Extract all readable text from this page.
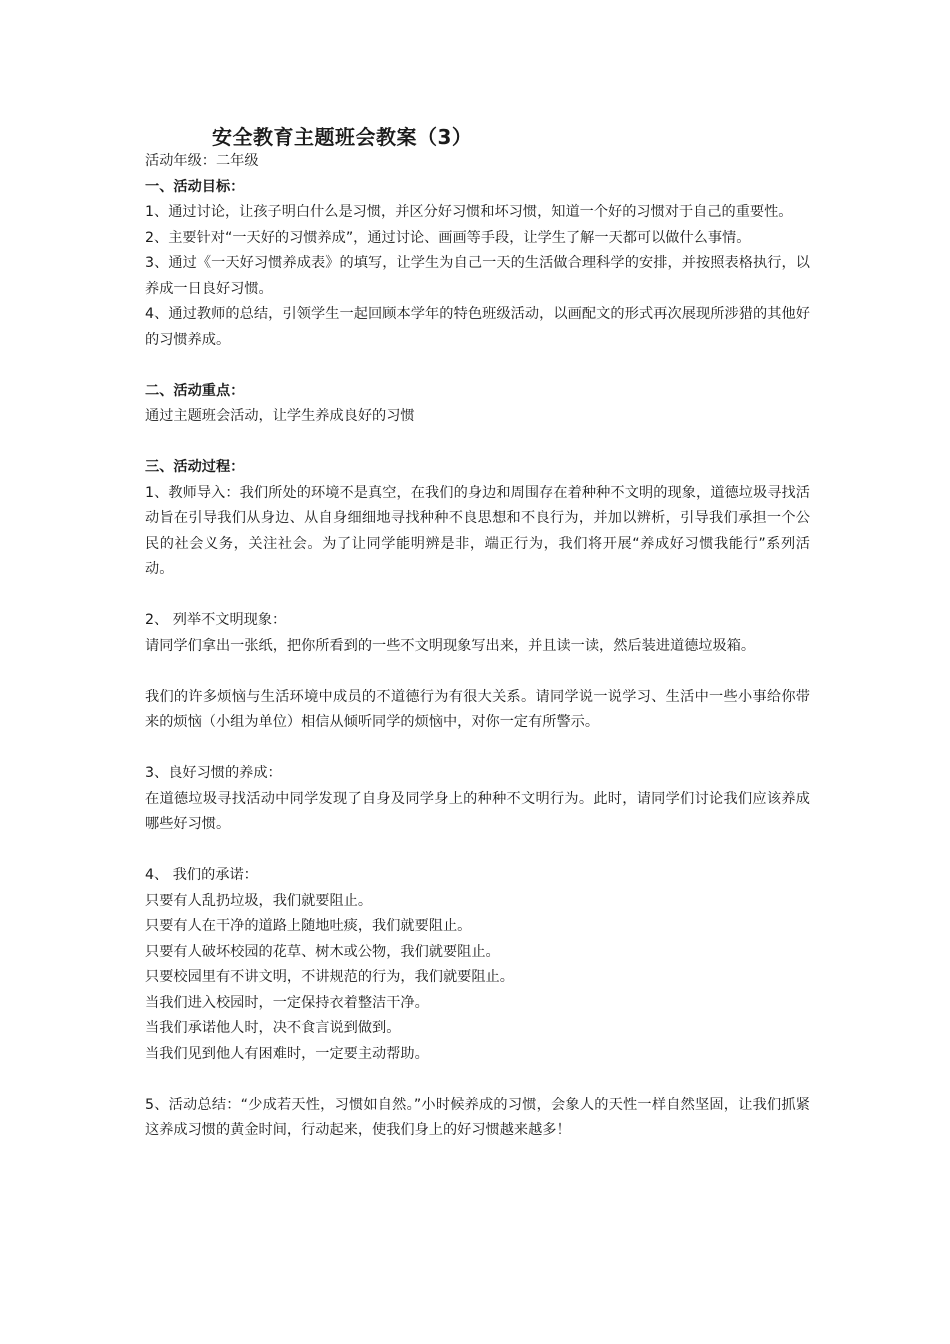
安全教育主题班会教案（3）

活动年级：二年级

一、活动目标：

1、通过讨论，让孩子明白什么是习惯，并区分好习惯和坏习惯，知道一个好的习惯对于自己的重要性。

2、主要针对“一天好的习惯养成”，通过讨论、画画等手段，让学生了解一天都可以做什么事情。

3、通过《一天好习惯养成表》的填写，让学生为自己一天的生活做合理科学的安排，并按照表格执行，以养成一日良好习惯。

4、通过教师的总结，引领学生一起回顾本学年的特色班级活动，以画配文的形式再次展现所涉猎的其他好的习惯养成。

二、活动重点：

通过主题班会活动，让学生养成良好的习惯

三、活动过程：

1、教师导入：我们所处的环境不是真空，在我们的身边和周围存在着种种不文明的现象，道德垃圾寻找活动旨在引导我们从身边、从自身细细地寻找种种不良思想和不良行为，并加以辨析，引导我们承担一个公民的社会义务，关注社会。为了让同学能明辨是非，端正行为，我们将开展“养成好习惯我能行”系列活动。

2、 列举不文明现象：

请同学们拿出一张纸，把你所看到的一些不文明现象写出来，并且读一读，然后装进道德垃圾箱。

我们的许多烦恼与生活环境中成员的不道德行为有很大关系。请同学说一说学习、生活中一些小事给你带来的烦恼（小组为单位）相信从倾听同学的烦恼中，对你一定有所警示。

3、良好习惯的养成：

在道德垃圾寻找活动中同学发现了自身及同学身上的种种不文明行为。此时，请同学们讨论我们应该养成哪些好习惯。

4、 我们的承诺：

只要有人乱扔垃圾，我们就要阻止。

只要有人在干净的道路上随地吐痰，我们就要阻止。

只要有人破坏校园的花草、树木或公物，我们就要阻止。

只要校园里有不讲文明，不讲规范的行为，我们就要阻止。

当我们进入校园时，一定保持衣着整洁干净。

当我们承诺他人时，决不食言说到做到。

当我们见到他人有困难时，一定要主动帮助。

5、活动总结：“少成若天性，习惯如自然。”小时候养成的习惯，会象人的天性一样自然坚固，让我们抓紧这养成习惯的黄金时间，行动起来，使我们身上的好习惯越来越多！
